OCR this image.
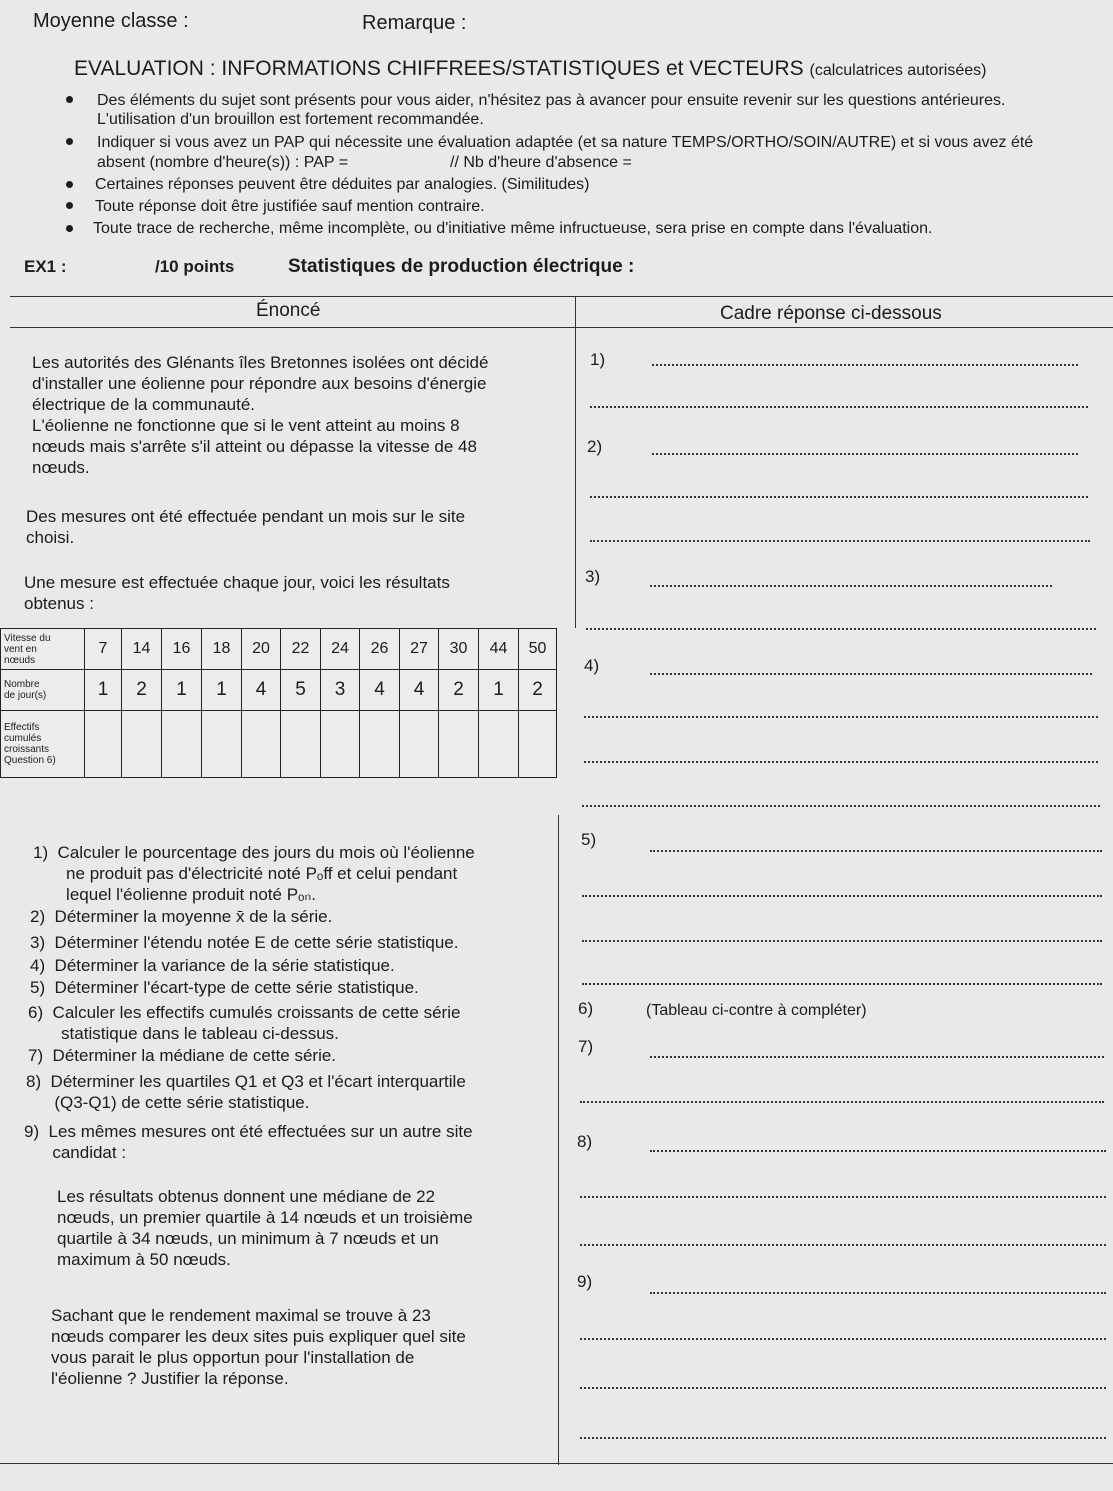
Moyenne classe :	Remarque :
EVALUATION : INFORMATIONS CHIFFREES/STATISTIQUES et VECTEURS (calculatrices autorisées)
Des éléments du sujet sont présents pour vous aider, n'hésitez pas à avancer pour ensuite revenir sur les questions antérieures.
L'utilisation d'un brouillon est fortement recommandée.
Indiquer si vous avez un PAP qui nécessite une évaluation adaptée (et sa nature TEMPS/ORTHO/SOIN/AUTRE) et si vous avez été
absent (nombre d'heure(s)) : PAP =	// Nb d'heure d'absence =
Certaines réponses peuvent être déduites par analogies. (Similitudes)
Toute réponse doit être justifiée sauf mention contraire.
Toute trace de recherche, même incomplète, ou d'initiative même infructueuse, sera prise en compte dans l'évaluation.
EX1 :	/10 points	Statistiques de production électrique :
Énoncé	Cadre réponse ci-dessous
Les autorités des Glénants îles Bretonnes isolées ont décidé
d'installer une éolienne pour répondre aux besoins d'énergie
électrique de la communauté.
L'éolienne ne fonctionne que si le vent atteint au moins 8
nœuds mais s'arrête s'il atteint ou dépasse la vitesse de 48
nœuds.
Des mesures ont été effectuée pendant un mois sur le site
choisi.
Une mesure est effectuée chaque jour, voici les résultats
obtenus :
Vitesse du
vent en
nœuds	7	14	16	18	20	22	24	26	27	30	44	50
Nombre
de jour(s)	1	2	1	1	4	5	3	4	4	2	1	2
Effectifs
cumulés
croissants
Question 6)												
1)  Calculer le pourcentage des jours du mois où l'éolienne
ne produit pas d'électricité noté Pₒff et celui pendant
lequel l'éolienne produit noté Pₒₙ.
2)  Déterminer la moyenne x̄ de la série.
3)  Déterminer l'étendu notée E de cette série statistique.
4)  Déterminer la variance de la série statistique.
5)  Déterminer l'écart-type de cette série statistique.
6)  Calculer les effectifs cumulés croissants de cette série
statistique dans le tableau ci-dessus.
7)  Déterminer la médiane de cette série.
8)  Déterminer les quartiles Q1 et Q3 et l'écart interquartile
(Q3-Q1) de cette série statistique.
9)  Les mêmes mesures ont été effectuées sur un autre site
candidat :
Les résultats obtenus donnent une médiane de 22
nœuds, un premier quartile à 14 nœuds et un troisième
quartile à 34 nœuds, un minimum à 7 nœuds et un
maximum à 50 nœuds.
Sachant que le rendement maximal se trouve à 23
nœuds comparer les deux sites puis expliquer quel site
vous parait le plus opportun pour l'installation de
l'éolienne ? Justifier la réponse.
1)
2)
3)
4)
5)
6)	(Tableau ci-contre à compléter)
7)
8)
9)
